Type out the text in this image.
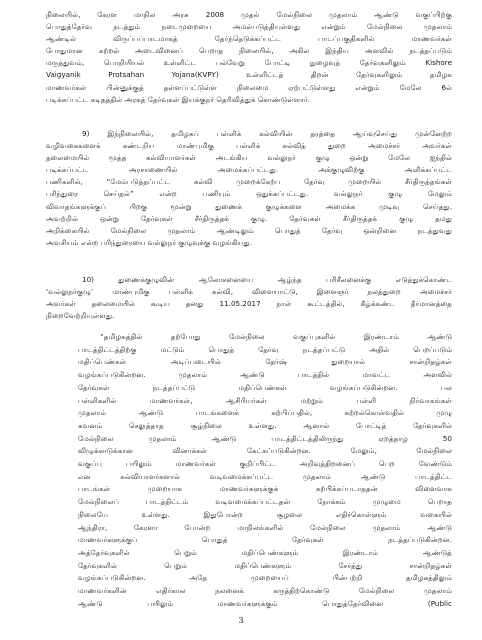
நிலையில், கேரள மாநில அரசு 2008 முதல் மேல்நிலை முதலாம் ஆண்டு வகுப்பிற்கு
பொதுத்தேர்வு நடத்தும் நடைமுறையை அமல்படுத்தியுள்ளது என்றும் மேல்நிலை முதலாம்
ஆண்டில் விருப்பப்பாடமாகத் தேர்ந்தெடுக்கப்பட்ட பாடப்பகுதிகளில் மாணவர்கள்
போதுமான கற்றல் அடைவினைப் பெறாத நிலையில், அகில இந்திய அளவில் நடத்தப்படும்
மருத்துவம், பொறியியல் உள்ளிட்ட பல்வேறு போட்டி நுழைவுத் தேர்வுகளிலும் Kishore
Vaigyanik Protsahan Yojana(KVPY) உள்ளிட்டத் திறன் தேர்வுகளிலும் தமிழக
மாணவர்கள் பின்னுக்குத் தள்ளப்பட்டுள்ள நிலைமை ஏற்பட்டுள்ளது என்றும் மேலே 6ல்
படிக்கப்பட்ட கடிதத்தில் அரசுத் தேர்வுகள் இயக்குநர் தெரிவித்துக் கொண்டுள்ளார்.
9) இந்நிலையில், தமிழகப் பள்ளிக் கல்வியின் தரத்தை ஆய்வுசெய்து முன்னேற்ற
வழிவகைகளைக் கண்டறிய மாண்புமிகு பள்ளிக் கல்வித் துறை அமைச்சர் அவர்கள்
தலைமையில் மூத்த கல்வியாளர்கள் அடங்கிய வல்லுநர் குழு ஒன்று மேலே ஐந்தில்
படிக்கப்பட்ட அரசாணையில் அமைக்கப்பட்டது. அக்குழுவிற்கு அளிக்கப்பட்ட
பணிகளில், “மேம்படுத்தப்பட்ட கல்வி முறைக்கேற்ப தேர்வு முறையில் சீர்திருத்தங்கள்
பரிந்துரை செய்தல்” என்ற பணியும் ஒதுக்கப்பட்டது. வல்லுநர் குழு மேலும்
விவாதங்களுக்குப் பிறகு மூன்று துணைக் குழுக்களை அமைக்க முடிவு செய்தது.
அவற்றில் ஒன்று தேர்வுகள் சீர்திருத்தக் குழு. தேர்வுகள் சீர்திருத்தக் குழு தமது
அறிக்கையில் மேல்நிலை முதலாம் ஆண்டிலும் பொதுத் தேர்வு ஒன்றினை நடத்துவது
அவசியம் என்ற பரிந்துரையை வல்லுநர் குழுவுக்கு வழங்கியது.
10) துணைக்குழுவின் ஆலோசனையை ஆழ்ந்த பரிசீலனைக்கு எடுத்துக்கொண்ட
‘வல்லுநர்குழு’ மாண்புமிகு பள்ளிக் கல்வி, விளையாட்டு, இளைஞர் நலத்துறை அமைச்சர்
அவர்கள் தலைமையில் கூடிய தனது 11.05.2017 நாள் கூட்டத்தில், கீழ்க்கண்ட தீர்மானத்தை
நிறைவேற்றியுள்ளது.
“தமிழகத்தில் தற்போது மேல்நிலை வகுப்புகளில் இரண்டாம் ஆண்டு
பாடத்திட்டத்திற்கு மட்டும் பொதுத் தேர்வு நடத்தப்பட்டு அதில் பெறப்படும்
மதிப்பெண்கள் அடிப்படையில் தேர்ஷ் துறையால் சான்றிதழ்கள்
வழங்கப்படுகின்றன. முதலாம் ஆண்டு பாடத்தில் மாவட்ட அளவில்
தேர்வுகள் நடத்தப்பட்டு மதிப்பெண்கள் வழங்கப்படுகின்றன. பல
பள்ளிகளில் மாணவர்கள், ஆசிரியர்கள் மற்றும் பள்ளி நிர்வாகங்கள்
முதலாம் ஆண்டு பாடங்களைக் கற்பிப்பதில், கற்றல்கொள்வதில் முழு
கவனம் செலுத்தாத சூழ்நிலை உள்ளது. ஆனால் போட்டித் தேர்வுகளில்
மேல்நிலை முதலாம் ஆண்டு பாடத்திட்டத்திலிருந்து ஏறத்தாழ 50
விழுக்காடுக்கான வினாக்கள் கேட்கப்படுகின்றன. மேலும், மேல்நிலை
வகுப்பு பயிலும் மாணவர்கள் குறிப்பிட்ட அறிவுத்திறனைப் பெற வேண்டும்
என கல்வியாளர்களால் வடிவமைக்கப்பட்ட முதலாம் ஆண்டு பாடத்திட்ட
பாடங்கள் முறையாக மாணவர்களுக்குக் கற்பிக்கப்படாததன் விளைவாக
மேல்நிலைப் பாடத்திட்டம் வடிவமைக்கப்பட்டதன் நோக்கம் முழுமை பெறாத
நிலையே உள்ளது. இதுபோன்ற சூழலை எதிர்கொள்ளும் வகையில்
ஆந்திரா, கேரளா போன்ற மாநிலங்களில் மேல்நிலை முதலாம் ஆண்டு
மாணவர்களுக்குப் பொதுத் தேர்வுகள் நடத்தப்படுகின்றன.
அத்தேர்வுகளில் பெறும் மதிப்பெண்களும் இரண்டாம் ஆண்டுத்
தேர்வுகளில் பெறும் மதிப்பெண்களும் சேர்த்து சான்றிதழ்கள்
வழங்கப்படுகின்றன. அதே முறையைப் பின்பற்றி தமிழகத்திலும்
மாணவர்களின் எதிர்கால நலனைக் கருத்திற்கொண்டு மேல்நிலை முதலாம்
ஆண்டு பயிலும் மாணவர்களுக்கும் பொதுத்தேர்வினை (Public
3
